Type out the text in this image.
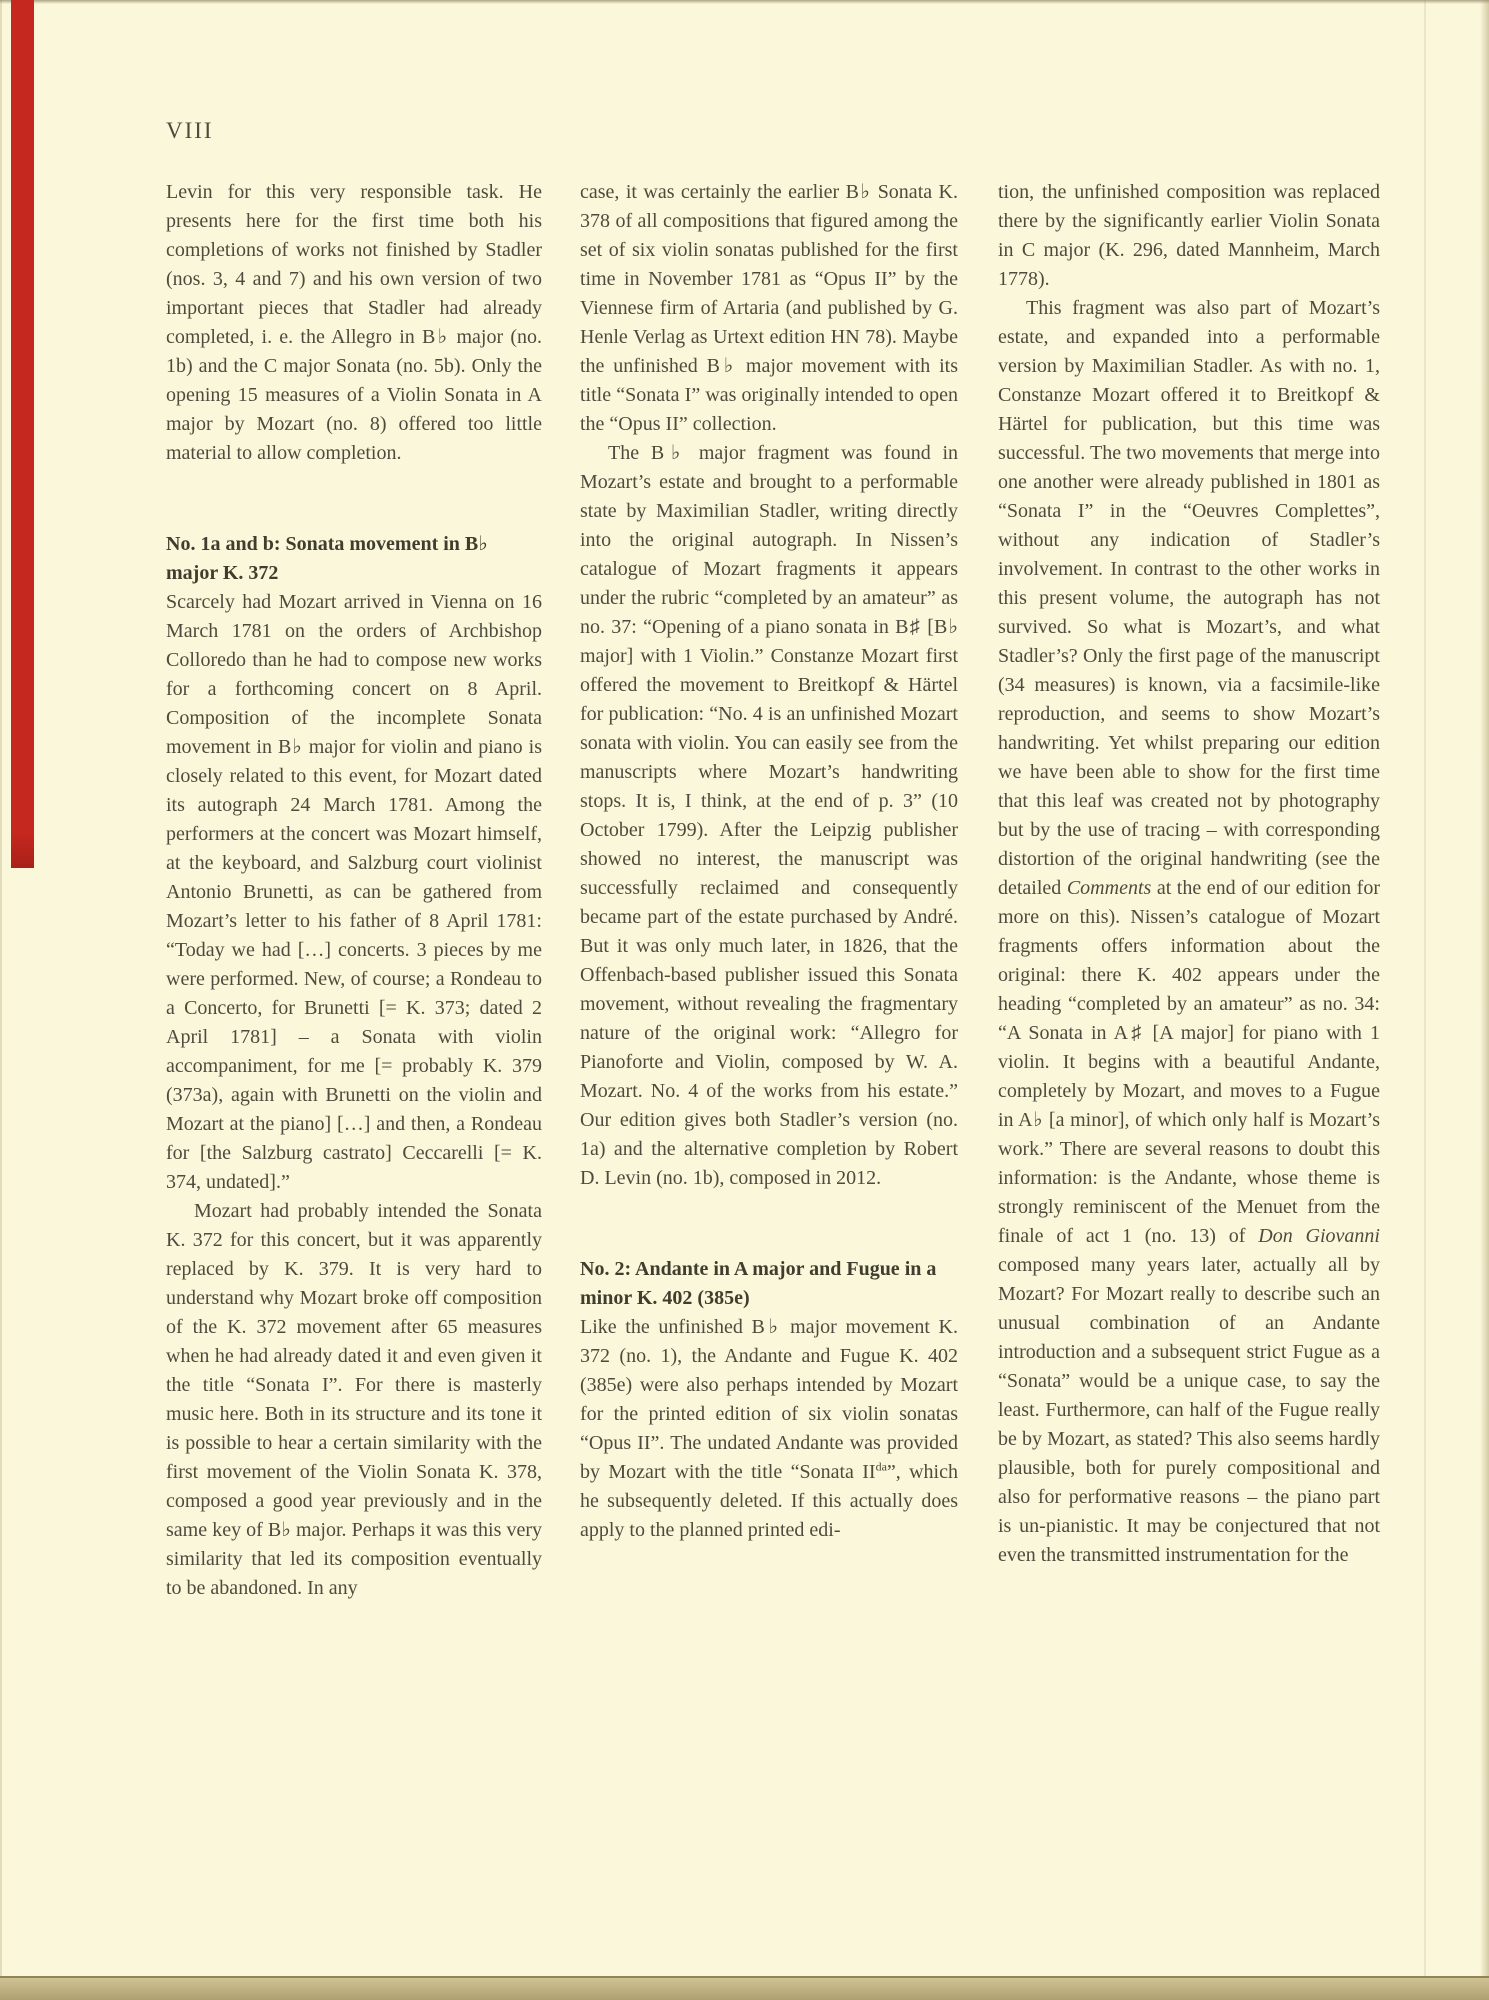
VIII

Levin for this very responsible task. He presents here for the first time both his completions of works not finished by Stadler (nos. 3, 4 and 7) and his own version of two important pieces that Stadler had already completed, i. e. the Allegro in B♭ major (no. 1b) and the C major Sonata (no. 5b). Only the opening 15 measures of a Violin Sonata in A major by Mozart (no. 8) offered too little material to allow completion.

No. 1a and b: Sonata movement in B♭ major K. 372

Scarcely had Mozart arrived in Vienna on 16 March 1781 on the orders of Archbishop Colloredo than he had to compose new works for a forthcoming concert on 8 April. Composition of the incomplete Sonata movement in B♭ major for violin and piano is closely related to this event, for Mozart dated its autograph 24 March 1781. Among the performers at the concert was Mozart himself, at the keyboard, and Salzburg court violinist Antonio Brunetti, as can be gathered from Mozart’s letter to his father of 8 April 1781: “Today we had […] concerts. 3 pieces by me were performed. New, of course; a Rondeau to a Concerto, for Brunetti [= K. 373; dated 2 April 1781] – a Sonata with violin accompaniment, for me [= probably K. 379 (373a), again with Brunetti on the violin and Mozart at the piano] […] and then, a Rondeau for [the Salzburg castrato] Ceccarelli [= K. 374, undated].”

Mozart had probably intended the Sonata K. 372 for this concert, but it was apparently replaced by K. 379. It is very hard to understand why Mozart broke off composition of the K. 372 movement after 65 measures when he had already dated it and even given it the title “Sonata I”. For there is masterly music here. Both in its structure and its tone it is possible to hear a certain similarity with the first movement of the Violin Sonata K. 378, composed a good year previously and in the same key of B♭ major. Perhaps it was this very similarity that led its composition eventually to be abandoned. In any

case, it was certainly the earlier B♭ Sonata K. 378 of all compositions that figured among the set of six violin sonatas published for the first time in November 1781 as “Opus II” by the Viennese firm of Artaria (and published by G. Henle Verlag as Urtext edition HN 78). Maybe the unfinished B♭ major movement with its title “Sonata I” was originally intended to open the “Opus II” collection.

The B♭ major fragment was found in Mozart’s estate and brought to a performable state by Maximilian Stadler, writing directly into the original autograph. In Nissen’s catalogue of Mozart fragments it appears under the rubric “completed by an amateur” as no. 37: “Opening of a piano sonata in B♯ [B♭ major] with 1 Violin.” Constanze Mozart first offered the movement to Breitkopf & Härtel for publication: “No. 4 is an unfinished Mozart sonata with violin. You can easily see from the manuscripts where Mozart’s handwriting stops. It is, I think, at the end of p. 3” (10 October 1799). After the Leipzig publisher showed no interest, the manuscript was successfully reclaimed and consequently became part of the estate purchased by André. But it was only much later, in 1826, that the Offenbach-based publisher issued this Sonata movement, without revealing the fragmentary nature of the original work: “Allegro for Pianoforte and Violin, composed by W. A. Mozart. No. 4 of the works from his estate.” Our edition gives both Stadler’s version (no. 1a) and the alternative completion by Robert D. Levin (no. 1b), composed in 2012.

No. 2: Andante in A major and Fugue in a minor K. 402 (385e)

Like the unfinished B♭ major movement K. 372 (no. 1), the Andante and Fugue K. 402 (385e) were also perhaps intended by Mozart for the printed edition of six violin sonatas “Opus II”. The undated Andante was provided by Mozart with the title “Sonata $II^{da}$”, which he subsequently deleted. If this actually does apply to the planned printed edi-

tion, the unfinished composition was replaced there by the significantly earlier Violin Sonata in C major (K. 296, dated Mannheim, March 1778).

This fragment was also part of Mozart’s estate, and expanded into a performable version by Maximilian Stadler. As with no. 1, Constanze Mozart offered it to Breitkopf & Härtel for publication, but this time was successful. The two movements that merge into one another were already published in 1801 as “Sonata I” in the “Oeuvres Complettes”, without any indication of Stadler’s involvement. In contrast to the other works in this present volume, the autograph has not survived. So what is Mozart’s, and what Stadler’s? Only the first page of the manuscript (34 measures) is known, via a facsimile-like reproduction, and seems to show Mozart’s handwriting. Yet whilst preparing our edition we have been able to show for the first time that this leaf was created not by photography but by the use of tracing – with corresponding distortion of the original handwriting (see the detailed Comments at the end of our edition for more on this). Nissen’s catalogue of Mozart fragments offers information about the original: there K. 402 appears under the heading “completed by an amateur” as no. 34: “A Sonata in A♯ [A major] for piano with 1 violin. It begins with a beautiful Andante, completely by Mozart, and moves to a Fugue in A♭ [a minor], of which only half is Mozart’s work.” There are several reasons to doubt this information: is the Andante, whose theme is strongly reminiscent of the Menuet from the finale of act 1 (no. 13) of Don Giovanni composed many years later, actually all by Mozart? For Mozart really to describe such an unusual combination of an Andante introduction and a subsequent strict Fugue as a “Sonata” would be a unique case, to say the least. Furthermore, can half of the Fugue really be by Mozart, as stated? This also seems hardly plausible, both for purely compositional and also for performative reasons – the piano part is un-pianistic. It may be conjectured that not even the transmitted instrumentation for the
